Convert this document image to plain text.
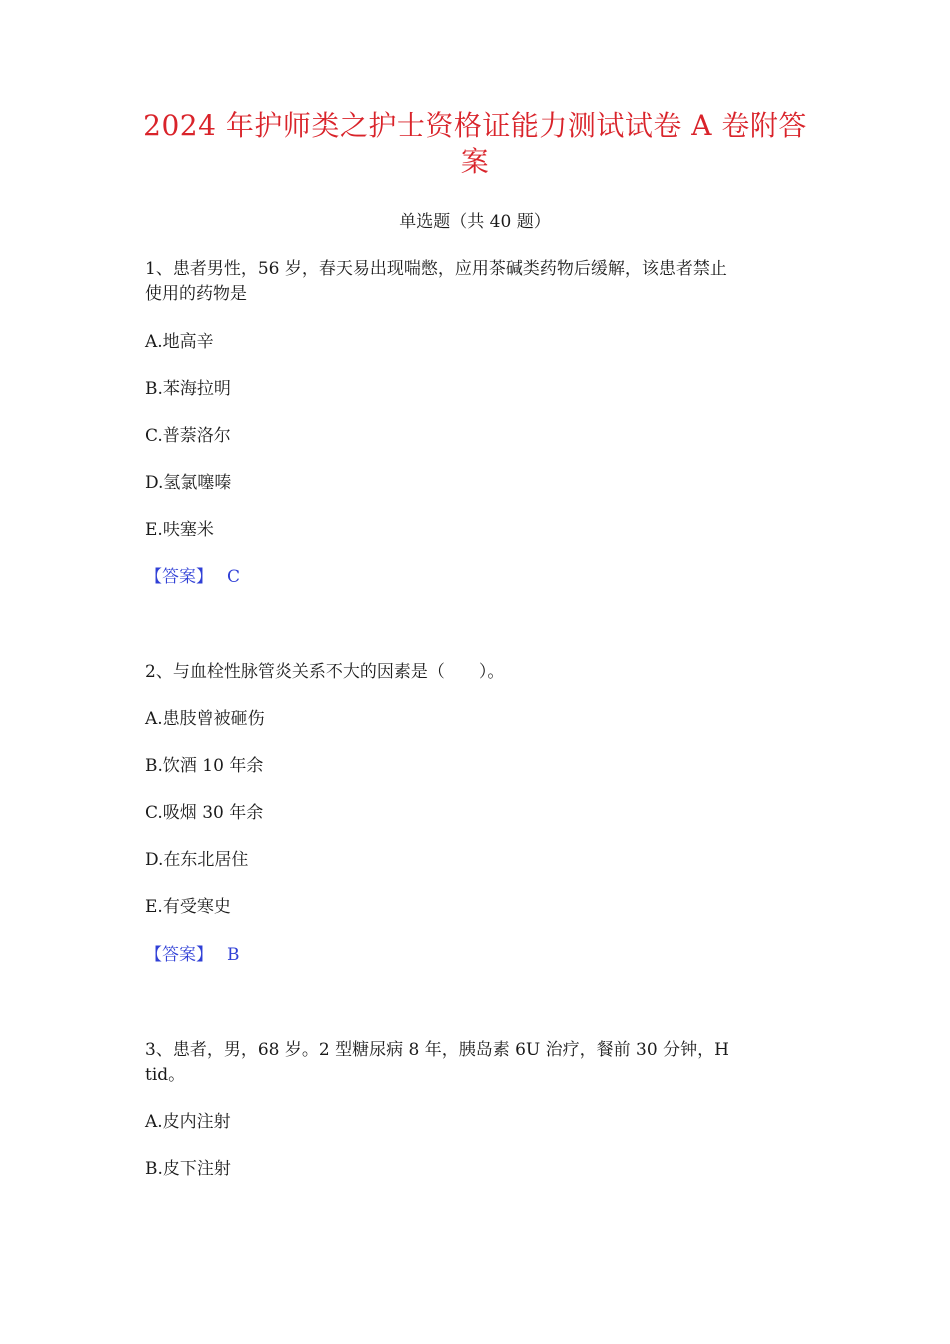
2024 年护师类之护士资格证能力测试试卷 A 卷附答
案
单选题（共 40 题）
1、患者男性，56 岁，春天易出现喘憋，应用茶碱类药物后缓解，该患者禁止
使用的药物是
A.地高辛
B.苯海拉明
C.普萘洛尔
D.氢氯噻嗪
E.呋塞米
【答案】 C
2、与血栓性脉管炎关系不大的因素是（　　）。
A.患肢曾被砸伤
B.饮酒 10 年余
C.吸烟 30 年余
D.在东北居住
E.有受寒史
【答案】 B
3、患者，男，68 岁。2 型糖尿病 8 年，胰岛素 6U 治疗，餐前 30 分钟，H
tid。
A.皮内注射
B.皮下注射
